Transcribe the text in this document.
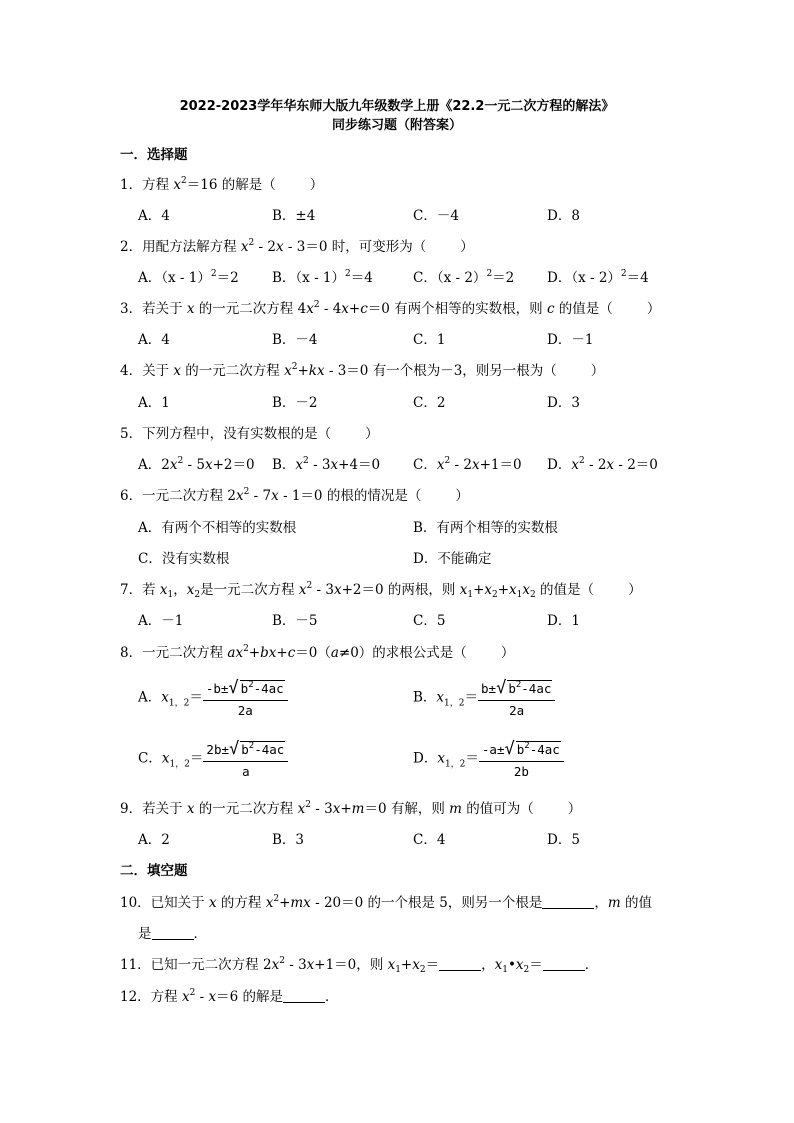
2022-2023学年华东师大版九年级数学上册《22.2一元二次方程的解法》
同步练习题（附答案）
一．选择题
1．方程 $x^2=16$ 的解是（	）
A．4	B．±4	C．－4	D．8
2．用配方法解方程 $x^2 - 2x - 3=0$ 时，可变形为（	）
A．（x - 1）$^2$＝2 B．（x - 1）$^2$＝4	C．（x - 2）$^2$＝2 D．（x - 2）$^2$＝4
3．若关于 x 的一元二次方程 $4x^2 - 4x+c=0$ 有两个相等的实数根，则 c 的值是（	）
A．4	B．－4	C．1	D．－1
4．关于 x 的一元二次方程 $x^2+kx - 3=0$ 有一个根为－3，则另一根为（	）
A．1	B．－2	C．2	D．3
5．下列方程中，没有实数根的是（	）
A．$2x^2 - 5x+2=0$ B．$x^2 - 3x+4=0$ C．$x^2 - 2x+1=0$ D．$x^2 - 2x - 2=0$
6．一元二次方程 $2x^2 - 7x - 1=0$ 的根的情况是（	）
A．有两个不相等的实数根	B．有两个相等的实数根
C．没有实数根	D．不能确定
7．若 $x_1$，$x_2$是一元二次方程 $x^2 - 3x+2=0$ 的两根，则 $x_1+x_2+x_1x_2$ 的值是（	）
A．－1	B．－5	C．5	D．1
8．一元二次方程 $ax^2+bx+c=0(a\ne 0)$的求根公式是（	）
A．$x_{1,2}= \frac{-b\pm√ b^2-4ac}{2a}$	B．$x_{1,2}= \frac{b\pm√ b^2-4ac}{2a}$
C．$x_{1,2}= \frac{2b\pm√ b^2-4ac}{a}$	D．$x_{1,2}= \frac{-a\pm√ b^2-4ac}{2b}$
9．若关于 x 的一元二次方程 $x^2 - 3x+m=0$ 有解，则 m 的值可为（	）
A．2	B．3	C．4	D．5
二．填空题
10．已知关于 x 的方程 $x^2+mx - 20=0$ 的一个根是 5，则另一个根是	，m 的值
是	．
11．已知一元二次方程 $2x^2 - 3x+1=0$，则 $x_1+x_2=$	，$x_1•x_2=$	．
12．方程 $x^2 - x=6$ 的解是	．
